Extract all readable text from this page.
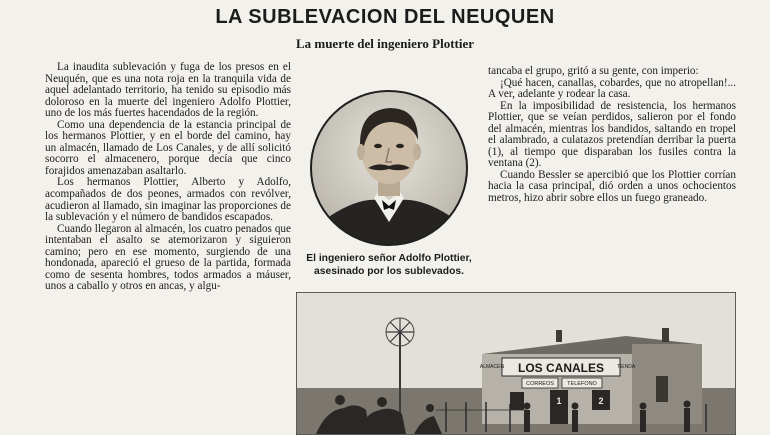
LA SUBLEVACION DEL NEUQUEN
La muerte del ingeniero Plottier

La inaudita sublevación y fuga de los presos en el Neuquén, que es una nota roja en la tranquila vida de aquel adelantado territorio, ha tenido su episodio más doloroso en la muerte del ingeniero Adolfo Plottier, uno de los más fuertes hacendados de la región.

Como una dependencia de la estancia principal de los hermanos Plottier, y en el borde del camino, hay un almacén, llamado de Los Canales, y de allí solicitó socorro el almacenero, porque decía que cinco forajidos amenazaban asaltarlo.

Los hermanos Plottier, Alberto y Adolfo, acompañados de dos peones, armados con revólver, acudieron al llamado, sin imaginar las proporciones de la sublevación y el número de bandidos escapados.

Cuando llegaron al almacén, los cuatro penados que intentaban el asalto se atemorizaron y siguieron camino; pero en ese momento, surgiendo de una hondonada, apareció el grueso de la partida, formada como de sesenta hombres, todos armados a máuser, unos a caballo y otros en ancas, y algu-

tancaba el grupo, gritó a su gente, con imperio:

¡Qué hacen, canallas, cobardes, que no atropellan!... A ver, adelante y rodear la casa.

En la imposibilidad de resistencia, los hermanos Plottier, que se veían perdidos, salieron por el fondo del almacén, mientras los bandidos, saltando en tropel el alambrado, a culatazos pretendían derribar la puerta (1), al tiempo que disparaban los fusiles contra la ventana (2).

Cuando Bessler se apercibió que los Plottier corrían hacia la casa principal, dió orden a unos ochocientos metros, hizo abrir sobre ellos un fuego graneado.

El ingeniero señor Adolfo Plottier,
asesinado por los sublevados.
LOS CANALES
ALMACEN	TIENDA
CORREOS TELEFONO
1	2
